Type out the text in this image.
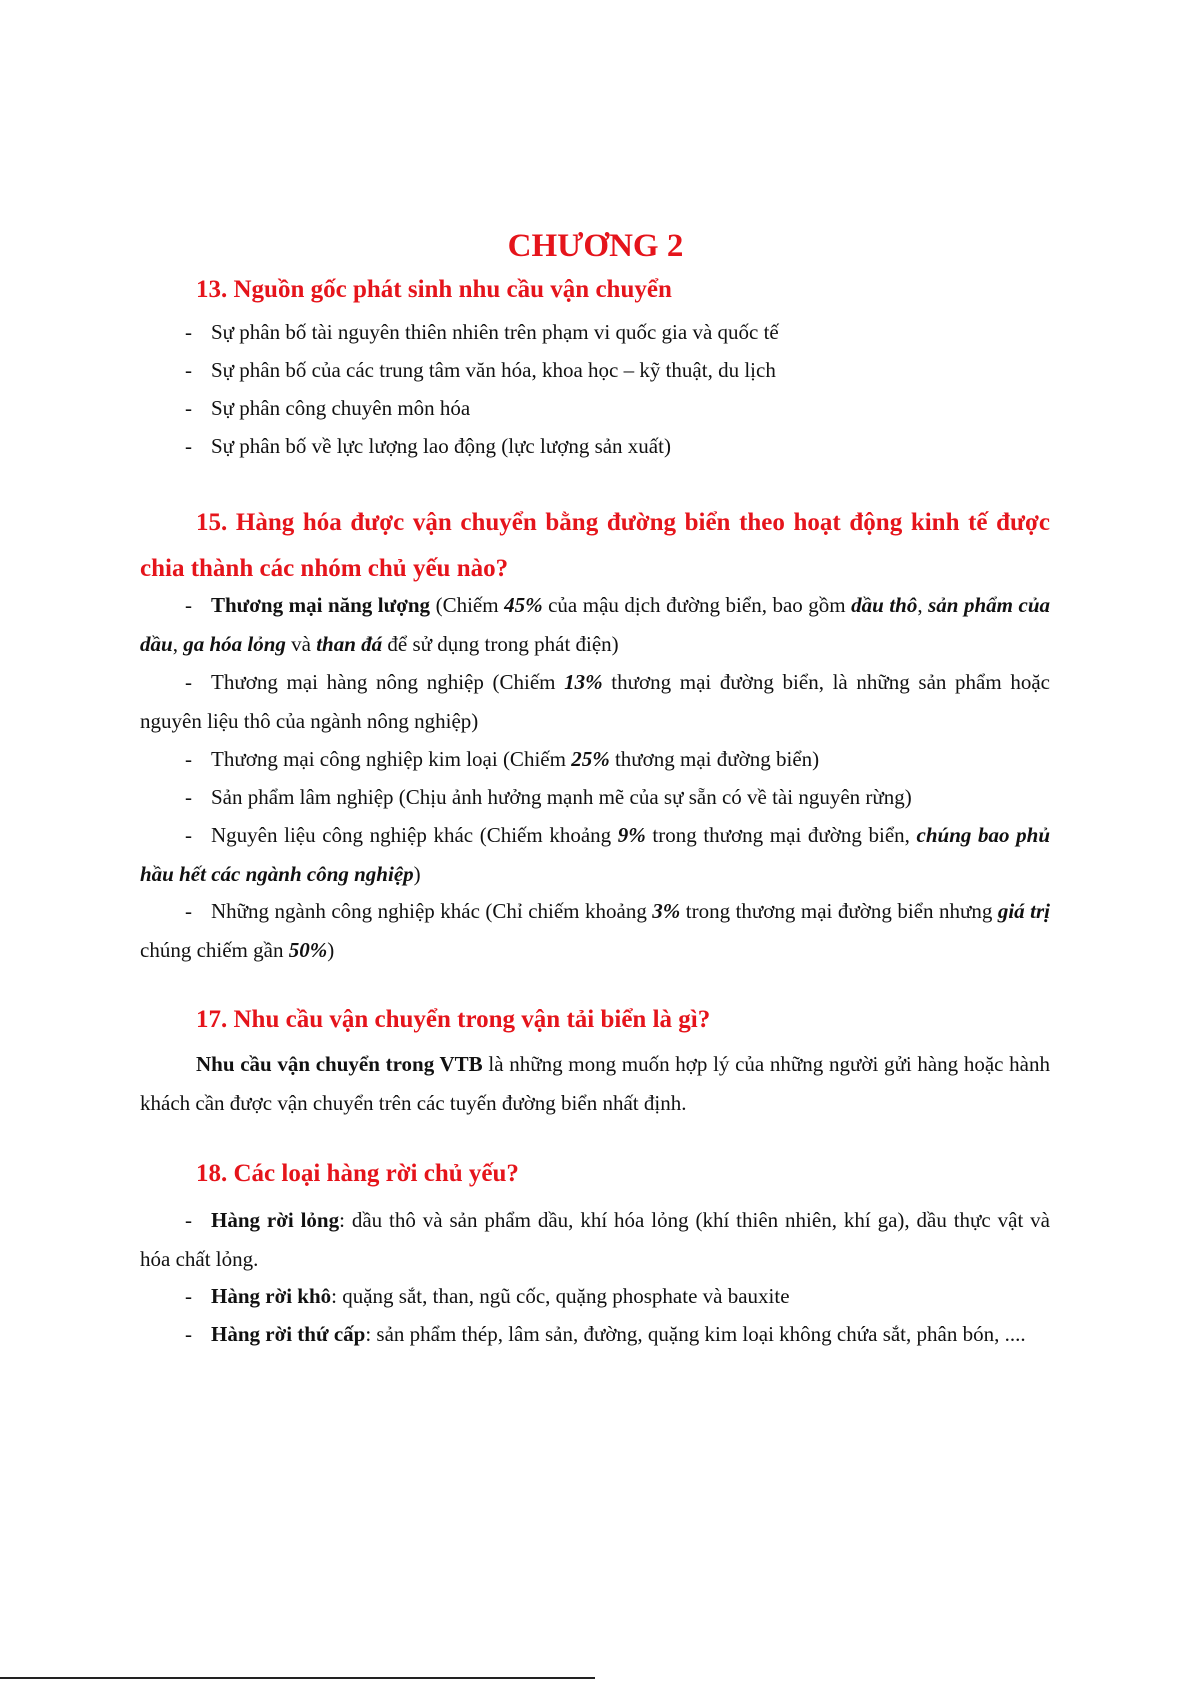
CHƯƠNG 2
13. Nguồn gốc phát sinh nhu cầu vận chuyển

- Sự phân bố tài nguyên thiên nhiên trên phạm vi quốc gia và quốc tế

- Sự phân bố của các trung tâm văn hóa, khoa học – kỹ thuật, du lịch

- Sự phân công chuyên môn hóa

- Sự phân bố về lực lượng lao động (lực lượng sản xuất)

15. Hàng hóa được vận chuyển bằng đường biển theo hoạt động kinh tế được chia thành các nhóm chủ yếu nào?

- Thương mại năng lượng (Chiếm 45% của mậu dịch đường biển, bao gồm dầu thô, sản phẩm của dầu, ga hóa lỏng và than đá để sử dụng trong phát điện)

- Thương mại hàng nông nghiệp (Chiếm 13% thương mại đường biển, là những sản phẩm hoặc nguyên liệu thô của ngành nông nghiệp)

- Thương mại công nghiệp kim loại (Chiếm 25% thương mại đường biển)

- Sản phẩm lâm nghiệp (Chịu ảnh hưởng mạnh mẽ của sự sẵn có về tài nguyên rừng)

- Nguyên liệu công nghiệp khác (Chiếm khoảng 9% trong thương mại đường biển, chúng bao phủ hầu hết các ngành công nghiệp)

- Những ngành công nghiệp khác (Chỉ chiếm khoảng 3% trong thương mại đường biển nhưng giá trị chúng chiếm gần 50%)

17. Nhu cầu vận chuyển trong vận tải biển là gì?

Nhu cầu vận chuyển trong VTB là những mong muốn hợp lý của những người gửi hàng hoặc hành khách cần được vận chuyển trên các tuyến đường biển nhất định.

18. Các loại hàng rời chủ yếu?

- Hàng rời lỏng: dầu thô và sản phẩm dầu, khí hóa lỏng (khí thiên nhiên, khí ga), dầu thực vật và hóa chất lỏng.

- Hàng rời khô: quặng sắt, than, ngũ cốc, quặng phosphate và bauxite

- Hàng rời thứ cấp: sản phẩm thép, lâm sản, đường, quặng kim loại không chứa sắt, phân bón, ....
